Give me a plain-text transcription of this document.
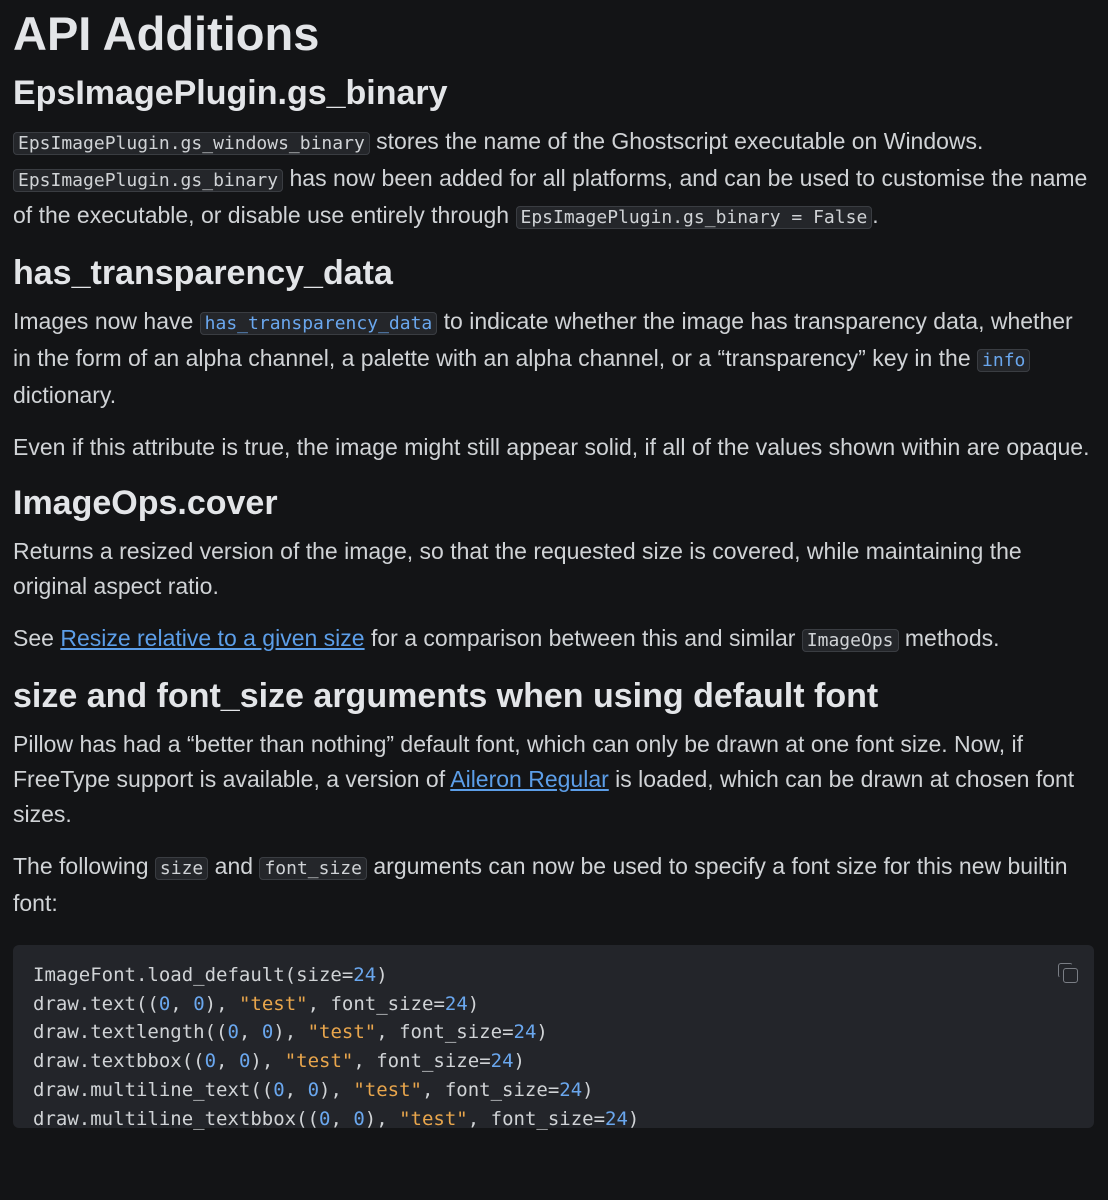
API Additions
EpsImagePlugin.gs_binary

EpsImagePlugin.gs_windows_binary stores the name of the Ghostscript executable on Windows. EpsImagePlugin.gs_binary has now been added for all platforms, and can be used to customise the name of the executable, or disable use entirely through EpsImagePlugin.gs_binary = False .

has_transparency_data

Images now have has_transparency_data to indicate whether the image has transparency data, whether in the form of an alpha channel, a palette with an alpha channel, or a “transparency” key in the info dictionary.

Even if this attribute is true, the image might still appear solid, if all of the values shown within are opaque.

ImageOps.cover

Returns a resized version of the image, so that the requested size is covered, while maintaining the original aspect ratio.

See Resize relative to a given size for a comparison between this and similar ImageOps methods.

size and font_size arguments when using default font

Pillow has had a “better than nothing” default font, which can only be drawn at one font size. Now, if FreeType support is available, a version of Aileron Regular is loaded, which can be drawn at chosen font sizes.

The following size and font_size arguments can now be used to specify a font size for this new builtin font:

ImageFont.load_default(size=24)
draw.text((0, 0), "test", font_size=24)
draw.textlength((0, 0), "test", font_size=24)
draw.textbbox((0, 0), "test", font_size=24)
draw.multiline_text((0, 0), "test", font_size=24)
draw.multiline_textbbox((0, 0), "test", font_size=24)
